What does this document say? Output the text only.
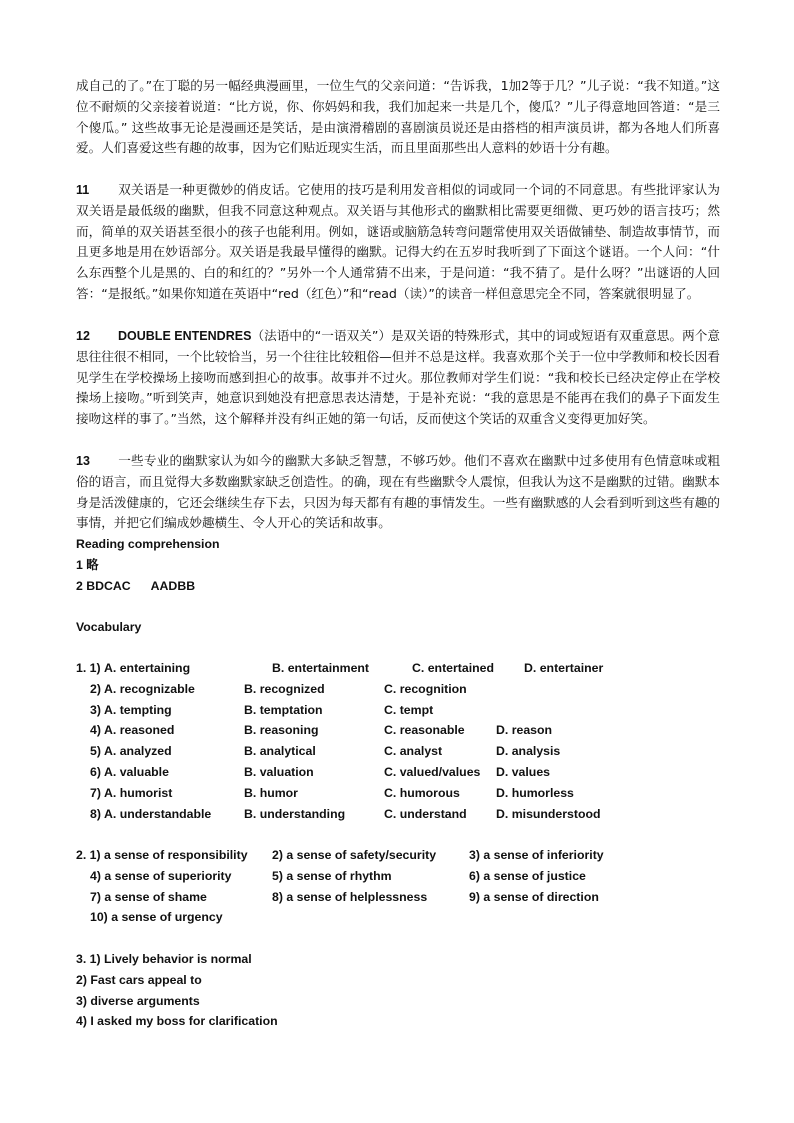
成自己的了。”在丁聪的另一幅经典漫画里，一位生气的父亲问道：“告诉我，1加2等于几？”儿子说：“我不知道。”这位不耐烦的父亲接着说道：“比方说，你、你妈妈和我，我们加起来一共是几个，傻瓜？”儿子得意地回答道：“是三个傻瓜。” 这些故事无论是漫画还是笑话，是由演滑稽剧的喜剧演员说还是由搭档的相声演员讲，都为各地人们所喜爱。人们喜爱这些有趣的故事，因为它们贴近现实生活，而且里面那些出人意料的妙语十分有趣。

11 双关语是一种更微妙的俏皮话。它使用的技巧是利用发音相似的词或同一个词的不同意思。有些批评家认为双关语是最低级的幽默，但我不同意这种观点。双关语与其他形式的幽默相比需要更细微、更巧妙的语言技巧；然而，简单的双关语甚至很小的孩子也能利用。例如，谜语或脑筋急转弯问题常使用双关语做铺垫、制造故事情节，而且更多地是用在妙语部分。双关语是我最早懂得的幽默。记得大约在五岁时我听到了下面这个谜语。一个人问：“什么东西整个儿是黑的、白的和红的？”另外一个人通常猜不出来，于是问道：“我不猜了。是什么呀？”出谜语的人回答：“是报纸。”如果你知道在英语中“red（红色）”和“read（读）”的读音一样但意思完全不同，答案就很明显了。

12 DOUBLE ENTENDRES（法语中的“一语双关”）是双关语的特殊形式，其中的词或短语有双重意思。两个意思往往很不相同，一个比较恰当，另一个往往比较粗俗—但并不总是这样。我喜欢那个关于一位中学教师和校长因看见学生在学校操场上接吻而感到担心的故事。故事并不过火。那位教师对学生们说：“我和校长已经决定停止在学校操场上接吻。”听到笑声，她意识到她没有把意思表达清楚，于是补充说：“我的意思是不能再在我们的鼻子下面发生接吻这样的事了。”当然，这个解释并没有纠正她的第一句话，反而使这个笑话的双重含义变得更加好笑。

13 一些专业的幽默家认为如今的幽默大多缺乏智慧，不够巧妙。他们不喜欢在幽默中过多使用有色情意味或粗俗的语言，而且觉得大多数幽默家缺乏创造性。的确，现在有些幽默令人震惊，但我认为这不是幽默的过错。幽默本身是活泼健康的，它还会继续生存下去，只因为每天都有有趣的事情发生。一些有幽默感的人会看到听到这些有趣的事情，并把它们编成妙趣横生、令人开心的笑话和故事。

Reading comprehension
1 略
2 BDCAC AADBB
Vocabulary
1. 1) A. entertaining	B. entertainment	C. entertained D. entertainer
2) A. recognizable	B. recognized	C. recognition
3) A. tempting	B. temptation	C. tempt
4) A. reasoned	B. reasoning	C. reasonable	D. reason
5) A. analyzed	B. analytical	C. analyst	D. analysis
6) A. valuable	B. valuation	C. valued/values D. values
7) A. humorist	B. humor	C. humorous	D. humorless
8) A. understandable	B. understanding	C. understand D. misunderstood
2. 1) a sense of responsibility 2) a sense of safety/security	3) a sense of inferiority
4) a sense of superiority	5) a sense of rhythm	6) a sense of justice
7) a sense of shame	8) a sense of helplessness	9) a sense of direction
10) a sense of urgency
3. 1) Lively behavior is normal
2) Fast cars appeal to
3) diverse arguments
4) I asked my boss for clarification
